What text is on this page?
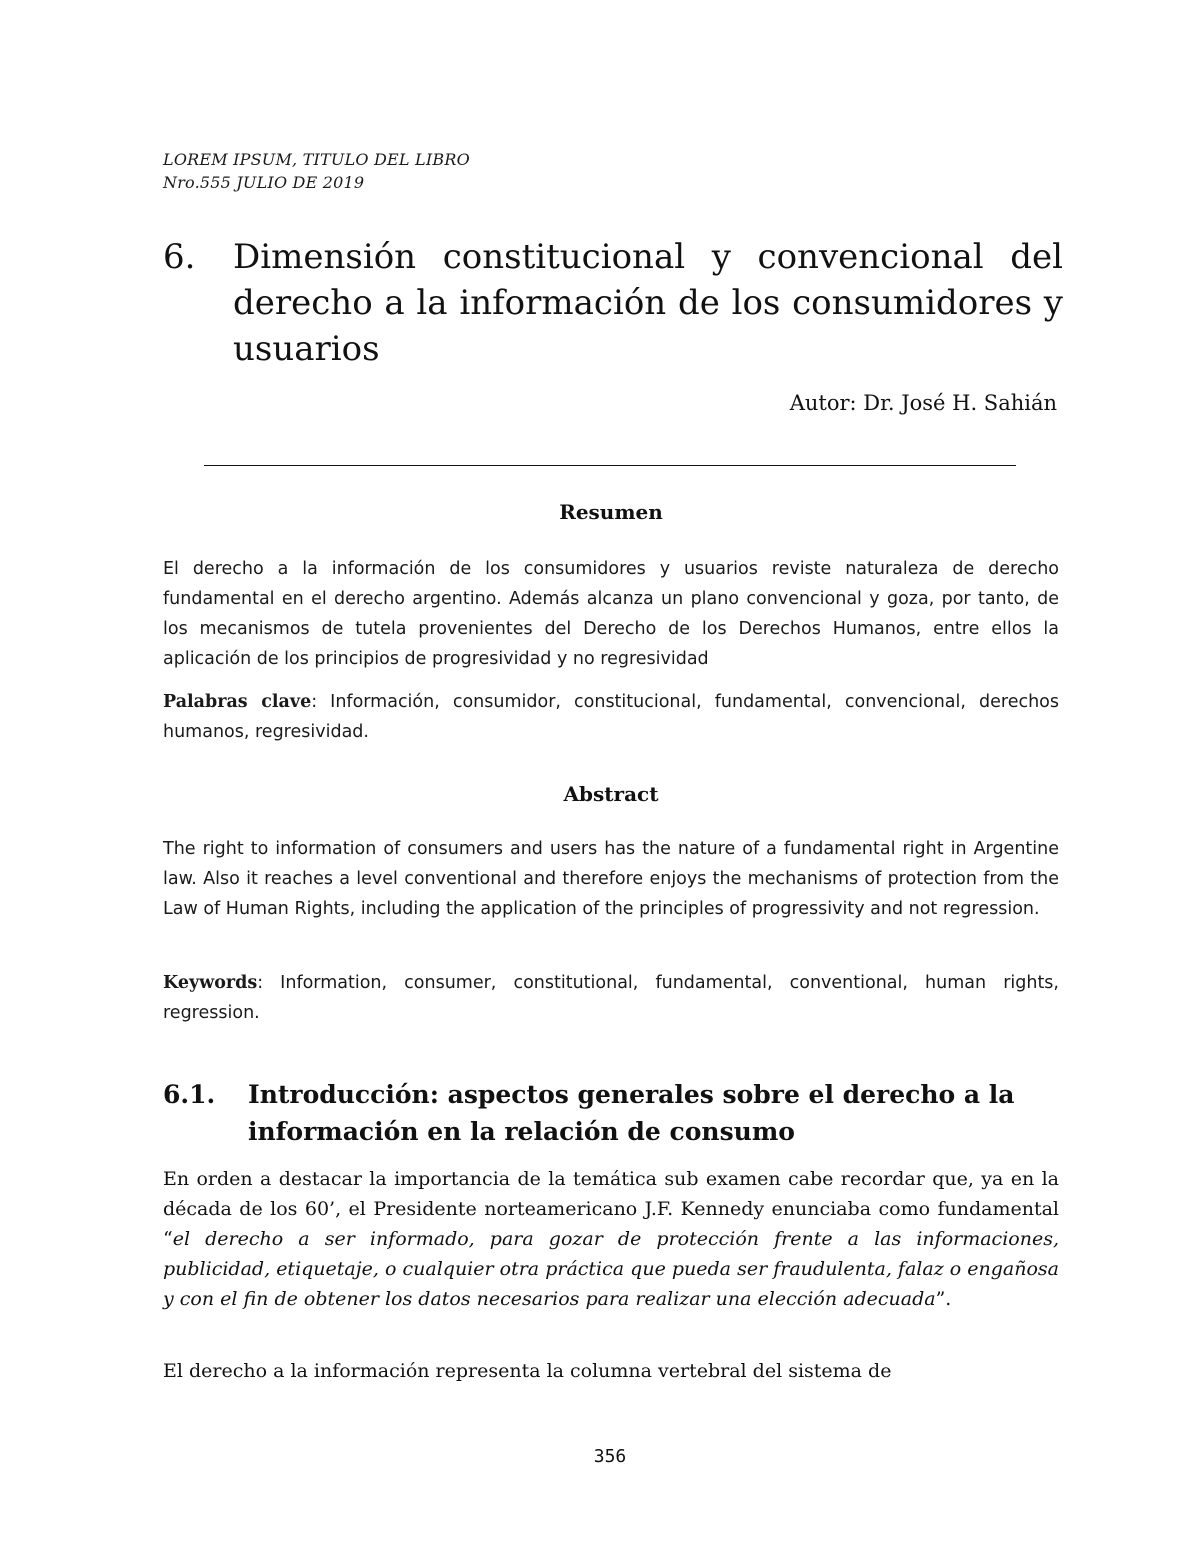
LOREM IPSUM, TITULO DEL LIBRO
Nro.555 JULIO DE 2019
6. Dimensión constitucional y convencional del derecho a la información de los consumidores y usuarios
Autor: Dr. José H. Sahián
Resumen

El derecho a la información de los consumidores y usuarios reviste naturaleza de derecho fundamental en el derecho argentino. Además alcanza un plano convencional y goza, por tanto, de los mecanismos de tutela provenientes del Derecho de los Derechos Humanos, entre ellos la aplicación de los principios de progresividad y no regresividad

Palabras clave: Información, consumidor, constitucional, fundamental, convencional, derechos humanos, regresividad.

Abstract

The right to information of consumers and users has the nature of a fundamental right in Argentine law. Also it reaches a level conventional and therefore enjoys the mechanisms of protection from the Law of Human Rights, including the application of the principles of progressivity and not regression.

Keywords: Information, consumer, constitutional, fundamental, conventional, human rights, regression.

6.1. Introducción: aspectos generales sobre el derecho a la información en la relación de consumo

En orden a destacar la importancia de la temática sub examen cabe recordar que, ya en la década de los 60’, el Presidente norteamericano J.F. Kennedy enunciaba como fundamental “el derecho a ser informado, para gozar de protección frente a las informaciones, publicidad, etiquetaje, o cualquier otra práctica que pueda ser fraudulenta, falaz o engañosa y con el fin de obtener los datos necesarios para realizar una elección adecuada”.

El derecho a la información representa la columna vertebral del sistema de

356
